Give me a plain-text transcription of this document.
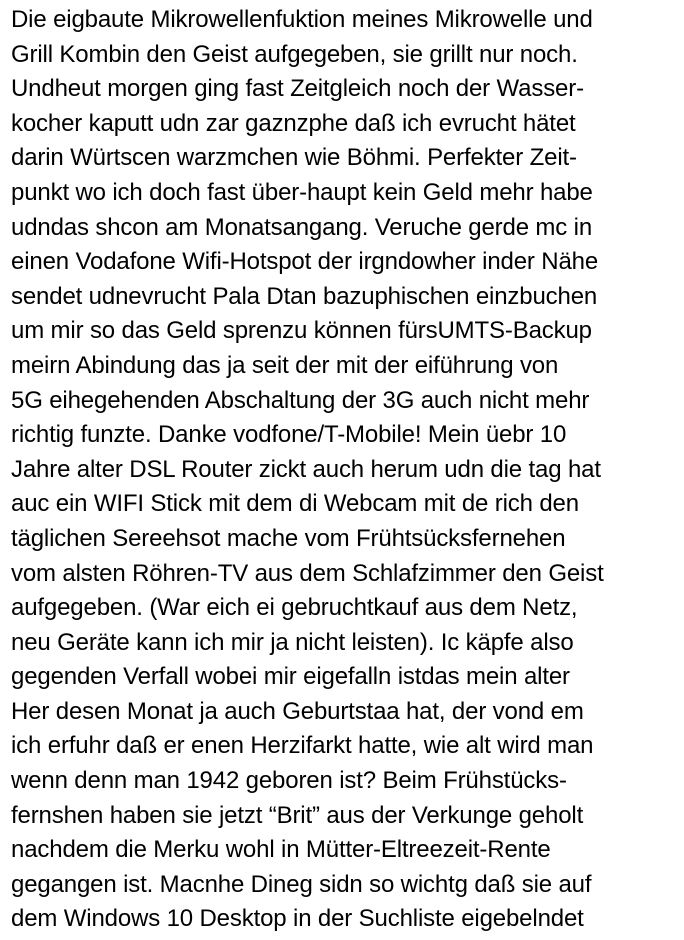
Die eigbaute Mikrowellenfuktion meines Mikrowelle und
Grill Kombin den Geist aufgegeben, sie grillt nur noch.
Undheut morgen ging fast Zeitgleich noch der Wasser-
kocher kaputt udn zar gaznzphe daß ich evrucht hätet
darin Würtscen warzmchen wie Böhmi. Perfekter Zeit-
punkt wo ich doch fast über-haupt kein Geld mehr habe
udndas shcon am Monatsangang. Veruche gerde mc in
einen Vodafone Wifi-Hotspot der irgndowher inder Nähe
sendet udnevrucht Pala Dtan bazuphischen einzbuchen
um mir so das Geld sprenzu können fürsUMTS-Backup
meirn Abindung das ja seit der mit der eiführung von
5G eihegehenden Abschaltung der 3G auch nicht mehr
richtig funzte. Danke vodfone/T-Mobile! Mein üebr 10
Jahre alter DSL Router zickt auch herum udn die tag hat
auc ein WIFI Stick mit dem di Webcam mit de rich den
täglichen Sereehsot mache vom Frühtsücksfernehen
vom alsten Röhren-TV aus dem Schlafzimmer den Geist
aufgegeben. (War eich ei gebruchtkauf aus dem Netz,
neu Geräte kann ich mir ja nicht leisten). Ic käpfe also
gegenden Verfall wobei mir eigefalln istdas mein alter
Her desen Monat ja auch Geburtstaa hat, der vond em
ich erfuhr daß er enen Herzifarkt hatte, wie alt wird man
wenn denn man 1942 geboren ist? Beim Frühstücks-
fernshen haben sie jetzt “Brit” aus der Verkunge geholt
nachdem die Merku wohl in Mütter-Eltreezeit-Rente
gegangen ist. Macnhe Dineg sidn so wichtg daß sie auf
dem Windows 10 Desktop in der Suchliste eigebelndet
